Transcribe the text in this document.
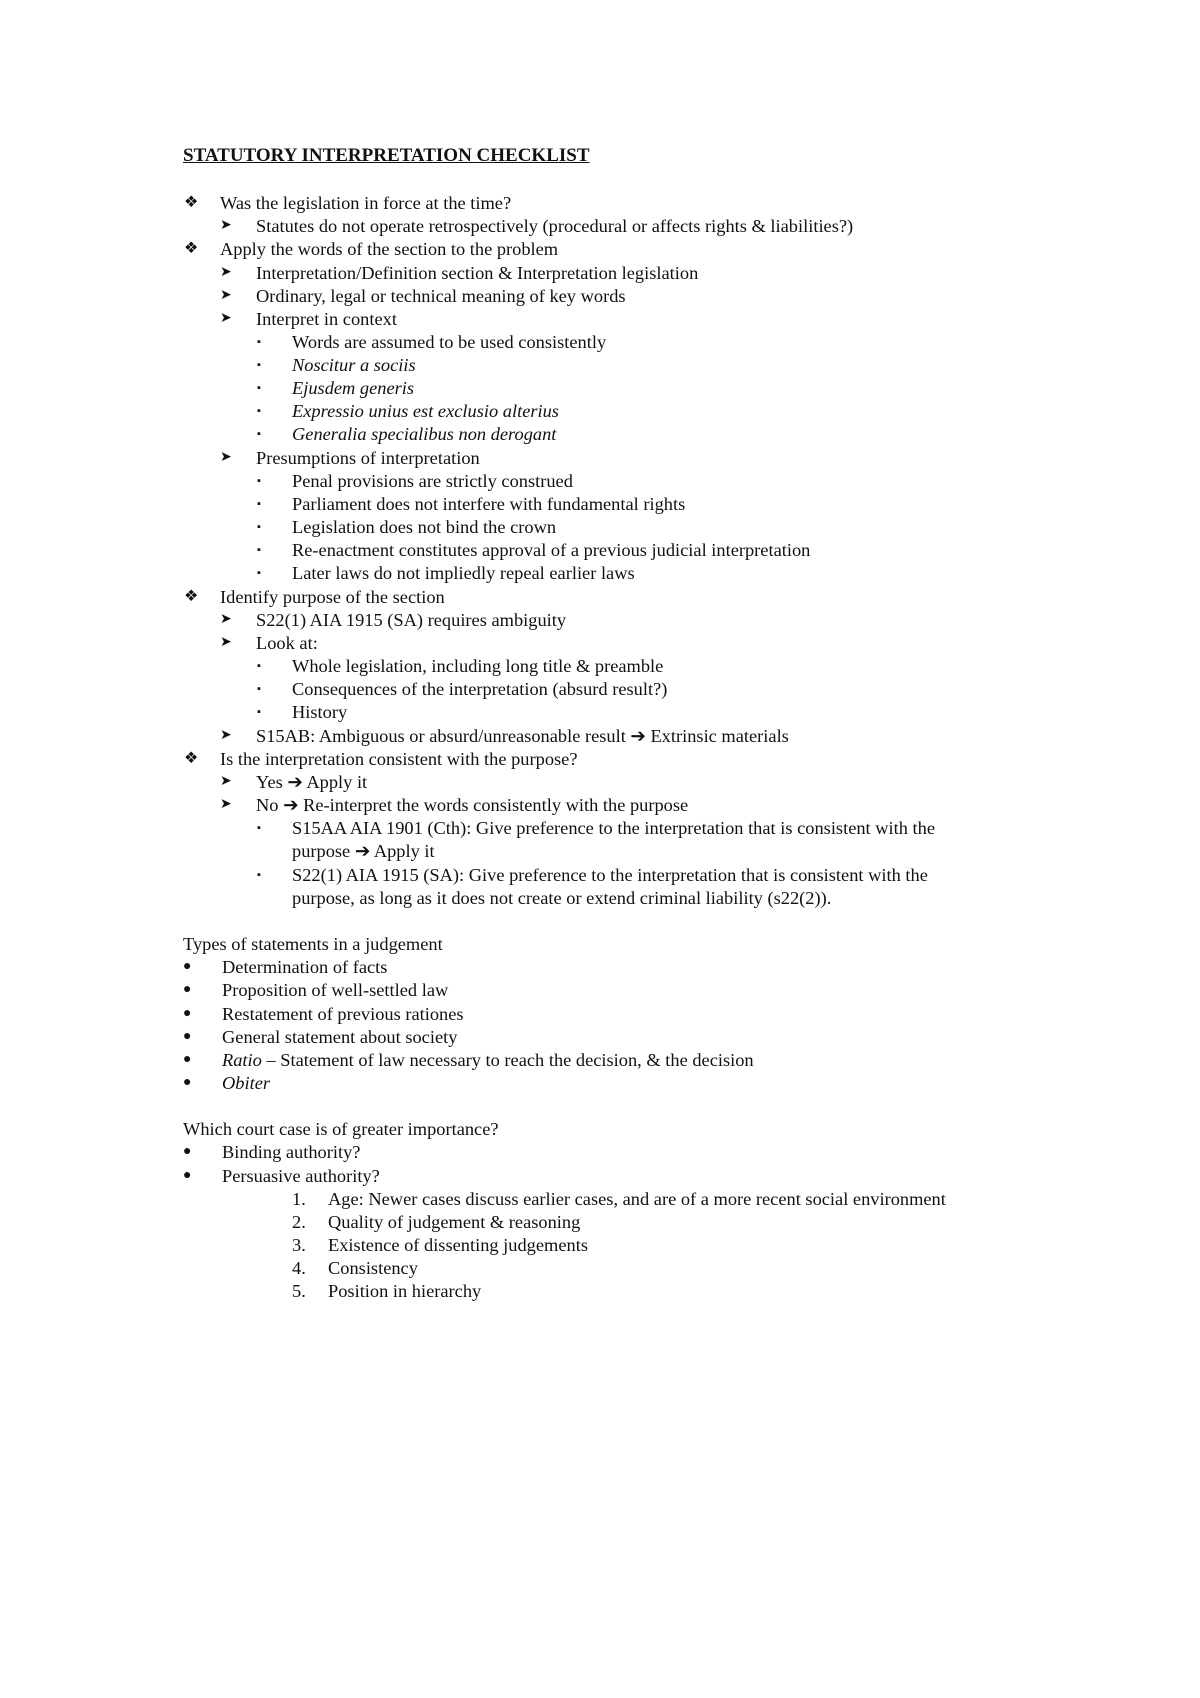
STATUTORY INTERPRETATION CHECKLIST
❖ Was the legislation in force at the time?
➤ Statutes do not operate retrospectively (procedural or affects rights & liabilities?)
❖ Apply the words of the section to the problem
➤ Interpretation/Definition section & Interpretation legislation
➤ Ordinary, legal or technical meaning of key words
➤ Interpret in context
▪ Words are assumed to be used consistently
▪ Noscitur a sociis
▪ Ejusdem generis
▪ Expressio unius est exclusio alterius
▪ Generalia specialibus non derogant
➤ Presumptions of interpretation
▪ Penal provisions are strictly construed
▪ Parliament does not interfere with fundamental rights
▪ Legislation does not bind the crown
▪ Re-enactment constitutes approval of a previous judicial interpretation
▪ Later laws do not impliedly repeal earlier laws
❖ Identify purpose of the section
➤ S22(1) AIA 1915 (SA) requires ambiguity
➤ Look at:
▪ Whole legislation, including long title & preamble
▪ Consequences of the interpretation (absurd result?)
▪ History
➤ S15AB: Ambiguous or absurd/unreasonable result ➔ Extrinsic materials
❖ Is the interpretation consistent with the purpose?
➤ Yes ➔ Apply it
➤ No ➔ Re-interpret the words consistently with the purpose
▪ S15AA AIA 1901 (Cth): Give preference to the interpretation that is consistent with the
purpose ➔ Apply it
▪ S22(1) AIA 1915 (SA): Give preference to the interpretation that is consistent with the
purpose, as long as it does not create or extend criminal liability (s22(2)).
Types of statements in a judgement
● Determination of facts
● Proposition of well-settled law
● Restatement of previous rationes
● General statement about society
● Ratio – Statement of law necessary to reach the decision, & the decision
● Obiter
Which court case is of greater importance?
● Binding authority?
● Persuasive authority?
1. Age: Newer cases discuss earlier cases, and are of a more recent social environment
2. Quality of judgement & reasoning
3. Existence of dissenting judgements
4. Consistency
5. Position in hierarchy
